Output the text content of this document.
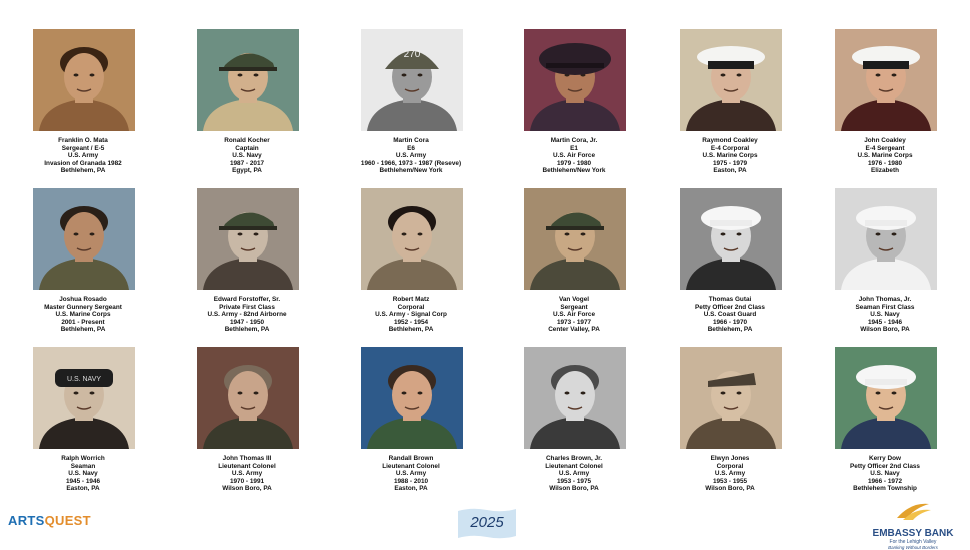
Franklin O. Mata
Sergeant / E-5
U.S. Army
Invasion of Granada 1982
Bethlehem, PA
Ronald Kocher
Captain
U.S. Navy
1987 - 2017
Egypt, PA
270
Martin Cora
E6
U.S. Army
1960 - 1966, 1973 - 1987 (Reseve)
Bethlehem/New York
Martin Cora, Jr.
E1
U.S. Air Force
1979 - 1980
Bethlehem/New York
Raymond Coakley
E-4 Corporal
U.S. Marine Corps
1975 - 1979
Easton, PA
John Coakley
E-4 Sergeant
U.S. Marine Corps
1976 - 1980
Elizabeth
Joshua Rosado
Master Gunnery Sergeant
U.S. Marine Corps
2001 - Present
Bethlehem, PA
Edward Forstoffer, Sr.
Private First Class
U.S. Army - 82nd Airborne
1947 - 1950
Bethlehem, PA
Robert Matz
Corporal
U.S. Army - Signal Corp
1952 - 1954
Bethlehem, PA
Van Vogel
Sergeant
U.S. Air Force
1973 - 1977
Center Valley, PA
Thomas Gutai
Petty Officer 2nd Class
U.S. Coast Guard
1966 - 1970
Bethlehem, PA
John Thomas, Jr.
Seaman First Class
U.S. Navy
1945 - 1946
Wilson Boro, PA
U.S. NAVY
Ralph Worrich
Seaman
U.S. Navy
1945 - 1946
Easton, PA
John Thomas III
Lieutenant Colonel
U.S. Army
1970 - 1991
Wilson Boro, PA
Randall Brown
Lieutenant Colonel
U.S. Army
1988 - 2010
Easton, PA
Charles Brown, Jr.
Lieutenant Colonel
U.S. Army
1953 - 1975
Wilson Boro, PA
Elwyn Jones
Corporal
U.S. Army
1953 - 1955
Wilson Boro, PA
Kerry Dow
Petty Officer 2nd Class
U.S. Navy
1966 - 1972
Bethlehem Township
ARTSQUEST	2025
EMBASSY BANK
For the Lehigh Valley
Banking Without Borders
